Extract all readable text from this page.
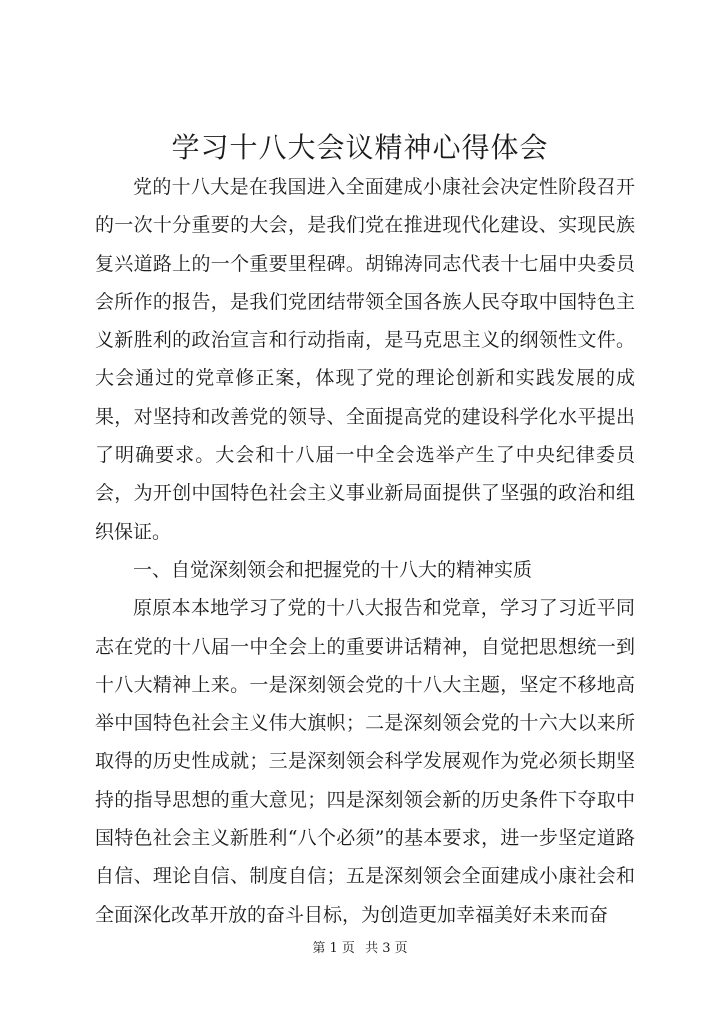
学习十八大会议精神心得体会

党的十八大是在我国进入全面建成小康社会决定性阶段召开的一次十分重要的大会，是我们党在推进现代化建设、实现民族复兴道路上的一个重要里程碑。胡锦涛同志代表十七届中央委员会所作的报告，是我们党团结带领全国各族人民夺取中国特色主义新胜利的政治宣言和行动指南，是马克思主义的纲领性文件。大会通过的党章修正案，体现了党的理论创新和实践发展的成果，对坚持和改善党的领导、全面提高党的建设科学化水平提出了明确要求。大会和十八届一中全会选举产生了中央纪律委员会，为开创中国特色社会主义事业新局面提供了坚强的政治和组织保证。

一、自觉深刻领会和把握党的十八大的精神实质

原原本本地学习了党的十八大报告和党章，学习了习近平同志在党的十八届一中全会上的重要讲话精神，自觉把思想统一到十八大精神上来。一是深刻领会党的十八大主题，坚定不移地高举中国特色社会主义伟大旗帜；二是深刻领会党的十六大以来所取得的历史性成就；三是深刻领会科学发展观作为党必须长期坚持的指导思想的重大意见；四是深刻领会新的历史条件下夺取中国特色社会主义新胜利“八个必须”的基本要求，进一步坚定道路自信、理论自信、制度自信；五是深刻领会全面建成小康社会和全面深化改革开放的奋斗目标，为创造更加幸福美好未来而奋

第 1 页 共 3 页
